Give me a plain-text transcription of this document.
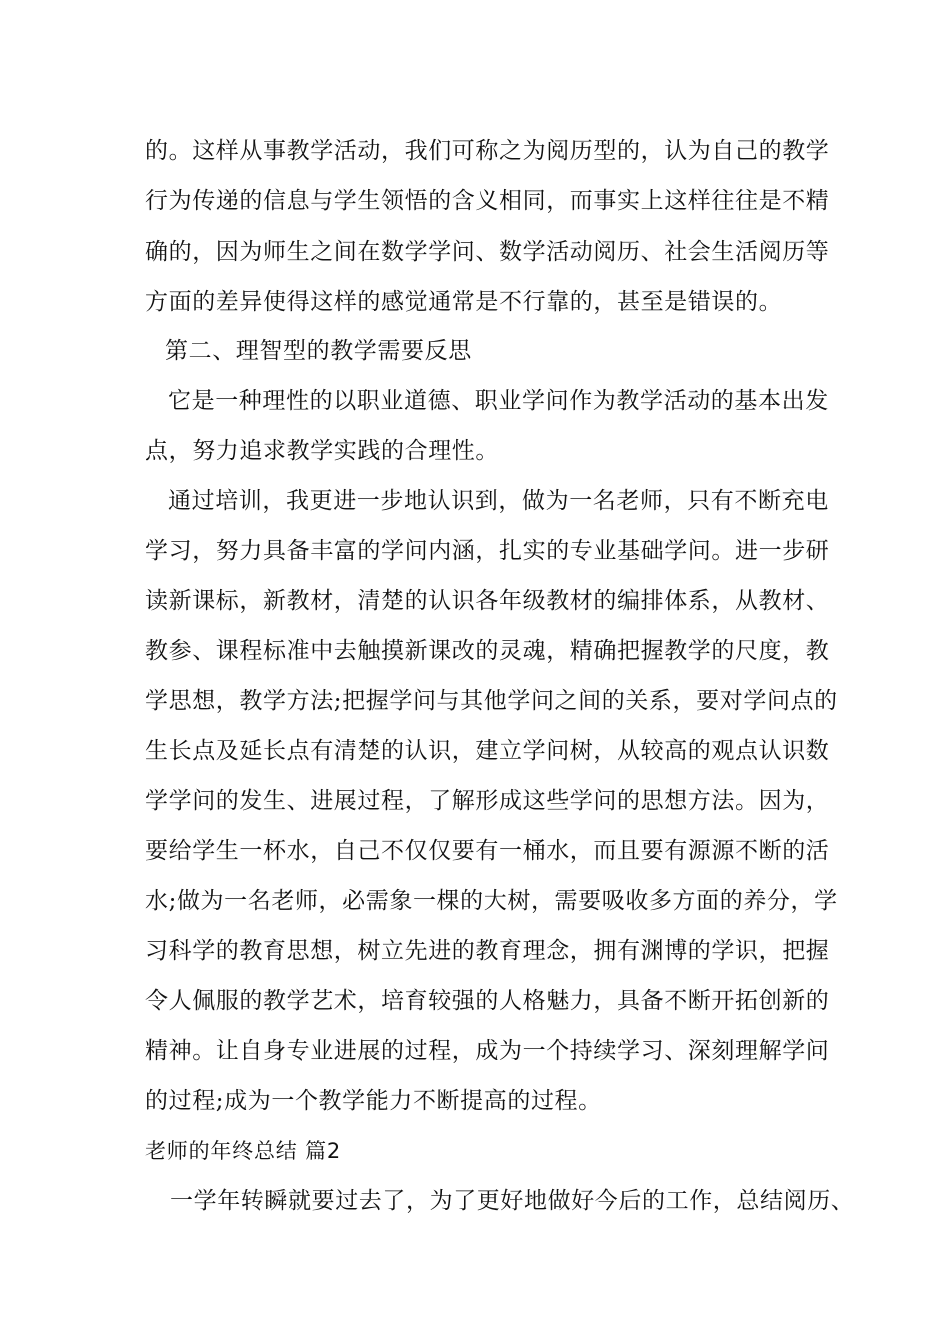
的。这样从事教学活动，我们可称之为阅历型的，认为自己的教学
行为传递的信息与学生领悟的含义相同，而事实上这样往往是不精
确的，因为师生之间在数学学问、数学活动阅历、社会生活阅历等
方面的差异使得这样的感觉通常是不行靠的，甚至是错误的。
第二、理智型的教学需要反思
它是一种理性的以职业道德、职业学问作为教学活动的基本出发
点，努力追求教学实践的合理性。
通过培训，我更进一步地认识到，做为一名老师，只有不断充电
学习，努力具备丰富的学问内涵，扎实的专业基础学问。进一步研
读新课标，新教材，清楚的认识各年级教材的编排体系，从教材、
教参、课程标准中去触摸新课改的灵魂，精确把握教学的尺度，教
学思想，教学方法;把握学问与其他学问之间的关系，要对学问点的
生长点及延长点有清楚的认识，建立学问树，从较高的观点认识数
学学问的发生、进展过程，了解形成这些学问的思想方法。因为，
要给学生一杯水，自己不仅仅要有一桶水，而且要有源源不断的活
水;做为一名老师，必需象一棵的大树，需要吸收多方面的养分，学
习科学的教育思想，树立先进的教育理念，拥有渊博的学识，把握
令人佩服的教学艺术，培育较强的人格魅力，具备不断开拓创新的
精神。让自身专业进展的过程，成为一个持续学习、深刻理解学问
的过程;成为一个教学能力不断提高的过程。
老师的年终总结 篇2
一学年转瞬就要过去了，为了更好地做好今后的工作，总结阅历、
